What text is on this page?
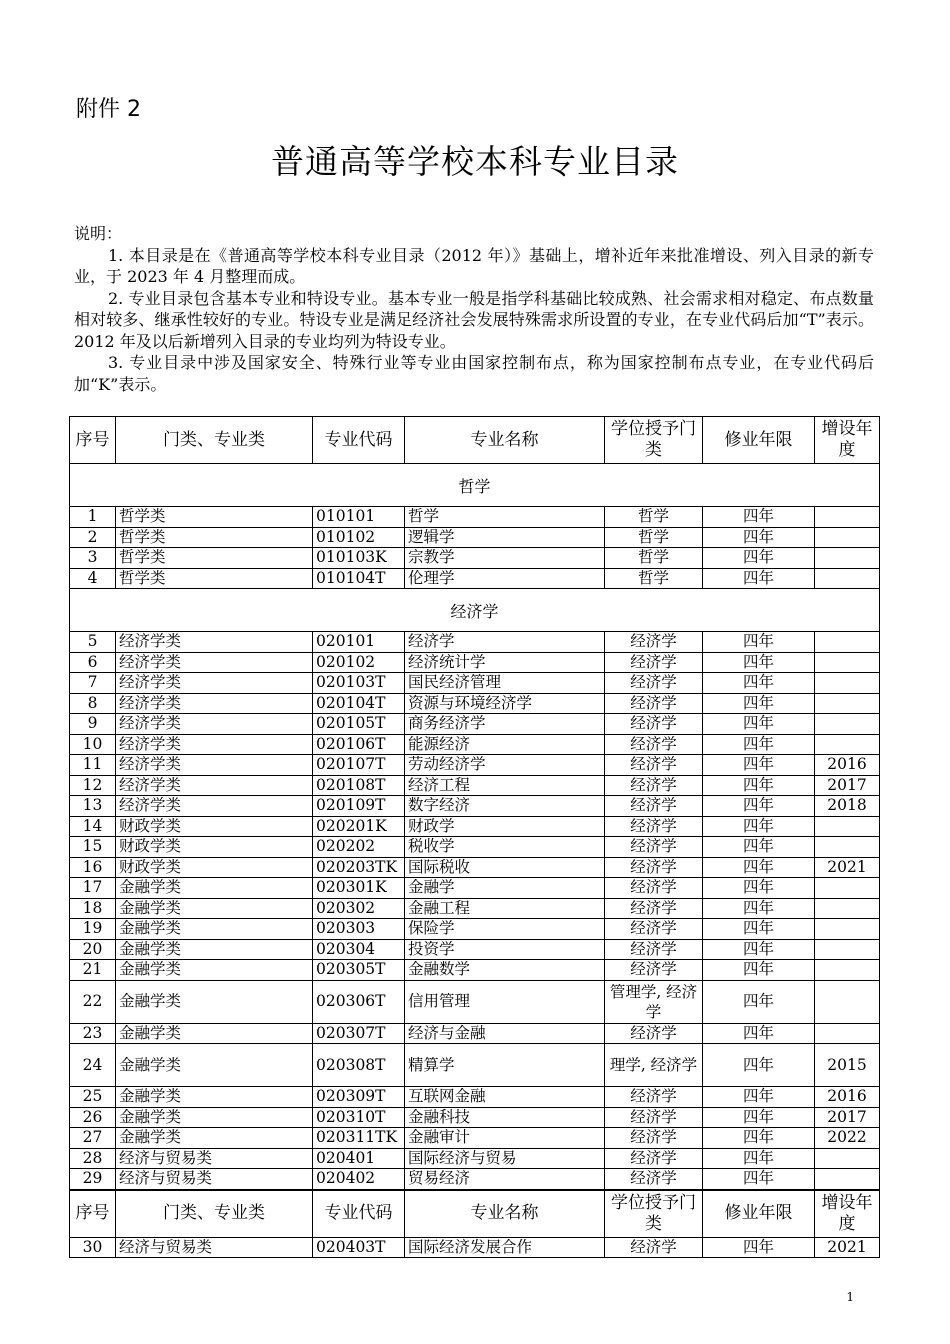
附件 2
普通高等学校本科专业目录

说明：

1. 本目录是在《普通高等学校本科专业目录（2012 年）》基础上，增补近年来批准增设、列入目录的新专业，于 2023 年 4 月整理而成。

2. 专业目录包含基本专业和特设专业。基本专业一般是指学科基础比较成熟、社会需求相对稳定、布点数量相对较多、继承性较好的专业。特设专业是满足经济社会发展特殊需求所设置的专业，在专业代码后加“T”表示。2012 年及以后新增列入目录的专业均列为特设专业。

3. 专业目录中涉及国家安全、特殊行业等专业由国家控制布点，称为国家控制布点专业，在专业代码后加“K”表示。

序号	门类、专业类	专业代码	专业名称	学位授予门类	修业年限	增设年度
哲学						
1	哲学类	010101	哲学	哲学	四年	
2	哲学类	010102	逻辑学	哲学	四年	
3	哲学类	010103K	宗教学	哲学	四年	
4	哲学类	010104T	伦理学	哲学	四年	
经济学						
5	经济学类	020101	经济学	经济学	四年	
6	经济学类	020102	经济统计学	经济学	四年	
7	经济学类	020103T	国民经济管理	经济学	四年	
8	经济学类	020104T	资源与环境经济学	经济学	四年	
9	经济学类	020105T	商务经济学	经济学	四年	
10	经济学类	020106T	能源经济	经济学	四年	
11	经济学类	020107T	劳动经济学	经济学	四年	2016
12	经济学类	020108T	经济工程	经济学	四年	2017
13	经济学类	020109T	数字经济	经济学	四年	2018
14	财政学类	020201K	财政学	经济学	四年	
15	财政学类	020202	税收学	经济学	四年	
16	财政学类	020203TK	国际税收	经济学	四年	2021
17	金融学类	020301K	金融学	经济学	四年	
18	金融学类	020302	金融工程	经济学	四年	
19	金融学类	020303	保险学	经济学	四年	
20	金融学类	020304	投资学	经济学	四年	
21	金融学类	020305T	金融数学	经济学	四年	
22	金融学类	020306T	信用管理	管理学, 经济学	四年	
23	金融学类	020307T	经济与金融	经济学	四年	
24	金融学类	020308T	精算学	理学, 经济学	四年	2015
25	金融学类	020309T	互联网金融	经济学	四年	2016
26	金融学类	020310T	金融科技	经济学	四年	2017
27	金融学类	020311TK	金融审计	经济学	四年	2022
28	经济与贸易类	020401	国际经济与贸易	经济学	四年	
29	经济与贸易类	020402	贸易经济	经济学	四年	
序号	门类、专业类	专业代码	专业名称	学位授予门类	修业年限	增设年度
30	经济与贸易类	020403T	国际经济发展合作	经济学	四年	2021
1
